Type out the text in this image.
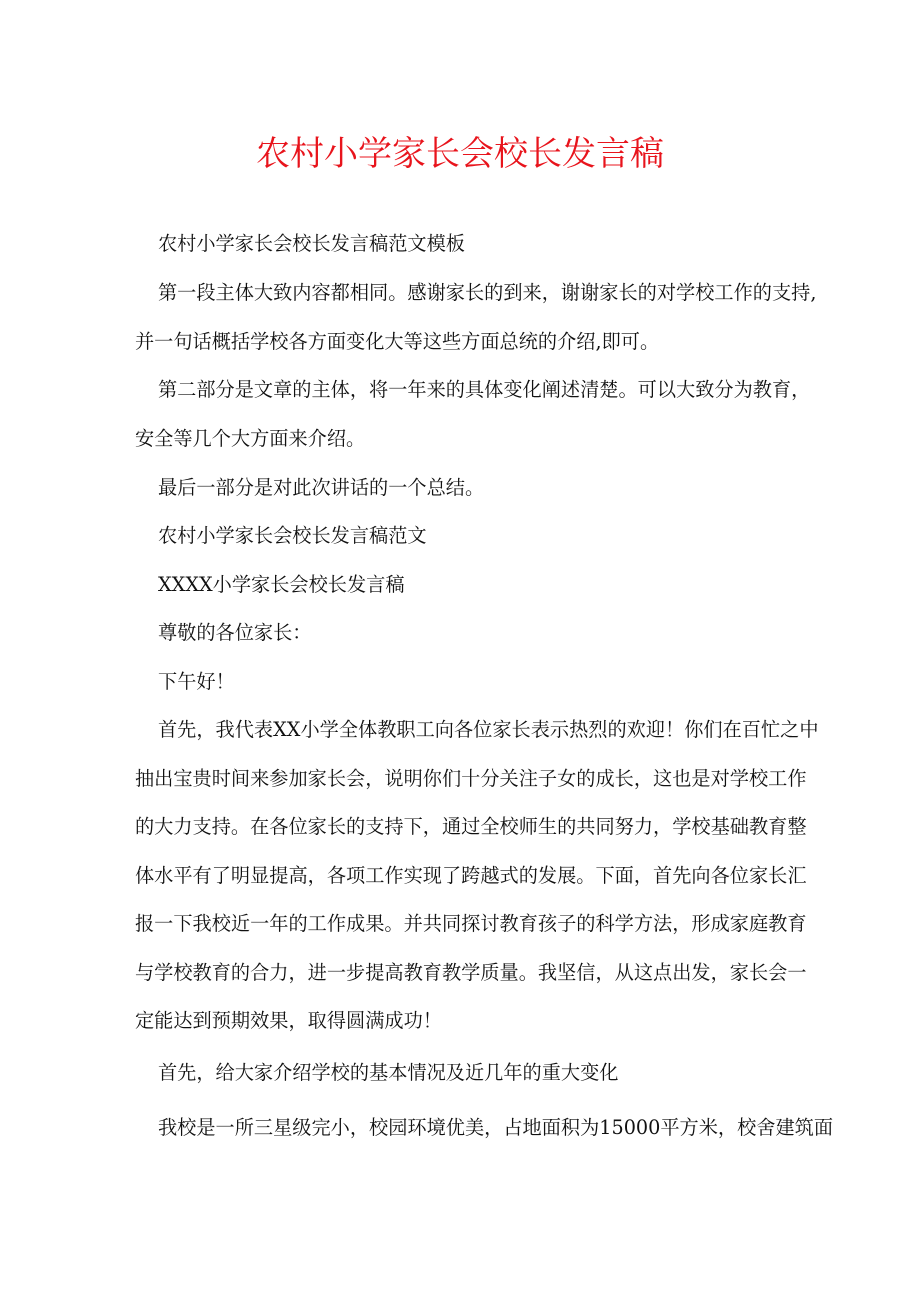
农村小学家长会校长发言稿

农村小学家长会校长发言稿范文模板

第一段主体大致内容都相同。感谢家长的到来，谢谢家长的对学校工作的支持,

并一句话概括学校各方面变化大等这些方面总统的介绍,即可。

第二部分是文章的主体，将一年来的具体变化阐述清楚。可以大致分为教育，

安全等几个大方面来介绍。

最后一部分是对此次讲话的一个总结。

农村小学家长会校长发言稿范文

XXXX小学家长会校长发言稿

尊敬的各位家长：

下午好！

首先，我代表XX小学全体教职工向各位家长表示热烈的欢迎！你们在百忙之中

抽出宝贵时间来参加家长会，说明你们十分关注子女的成长，这也是对学校工作

的大力支持。在各位家长的支持下，通过全校师生的共同努力，学校基础教育整

体水平有了明显提高，各项工作实现了跨越式的发展。下面，首先向各位家长汇

报一下我校近一年的工作成果。并共同探讨教育孩子的科学方法，形成家庭教育

与学校教育的合力，进一步提高教育教学质量。我坚信，从这点出发，家长会一

定能达到预期效果，取得圆满成功！

首先，给大家介绍学校的基本情况及近几年的重大变化

我校是一所三星级完小，校园环境优美，占地面积为15000平方米，校舍建筑面
